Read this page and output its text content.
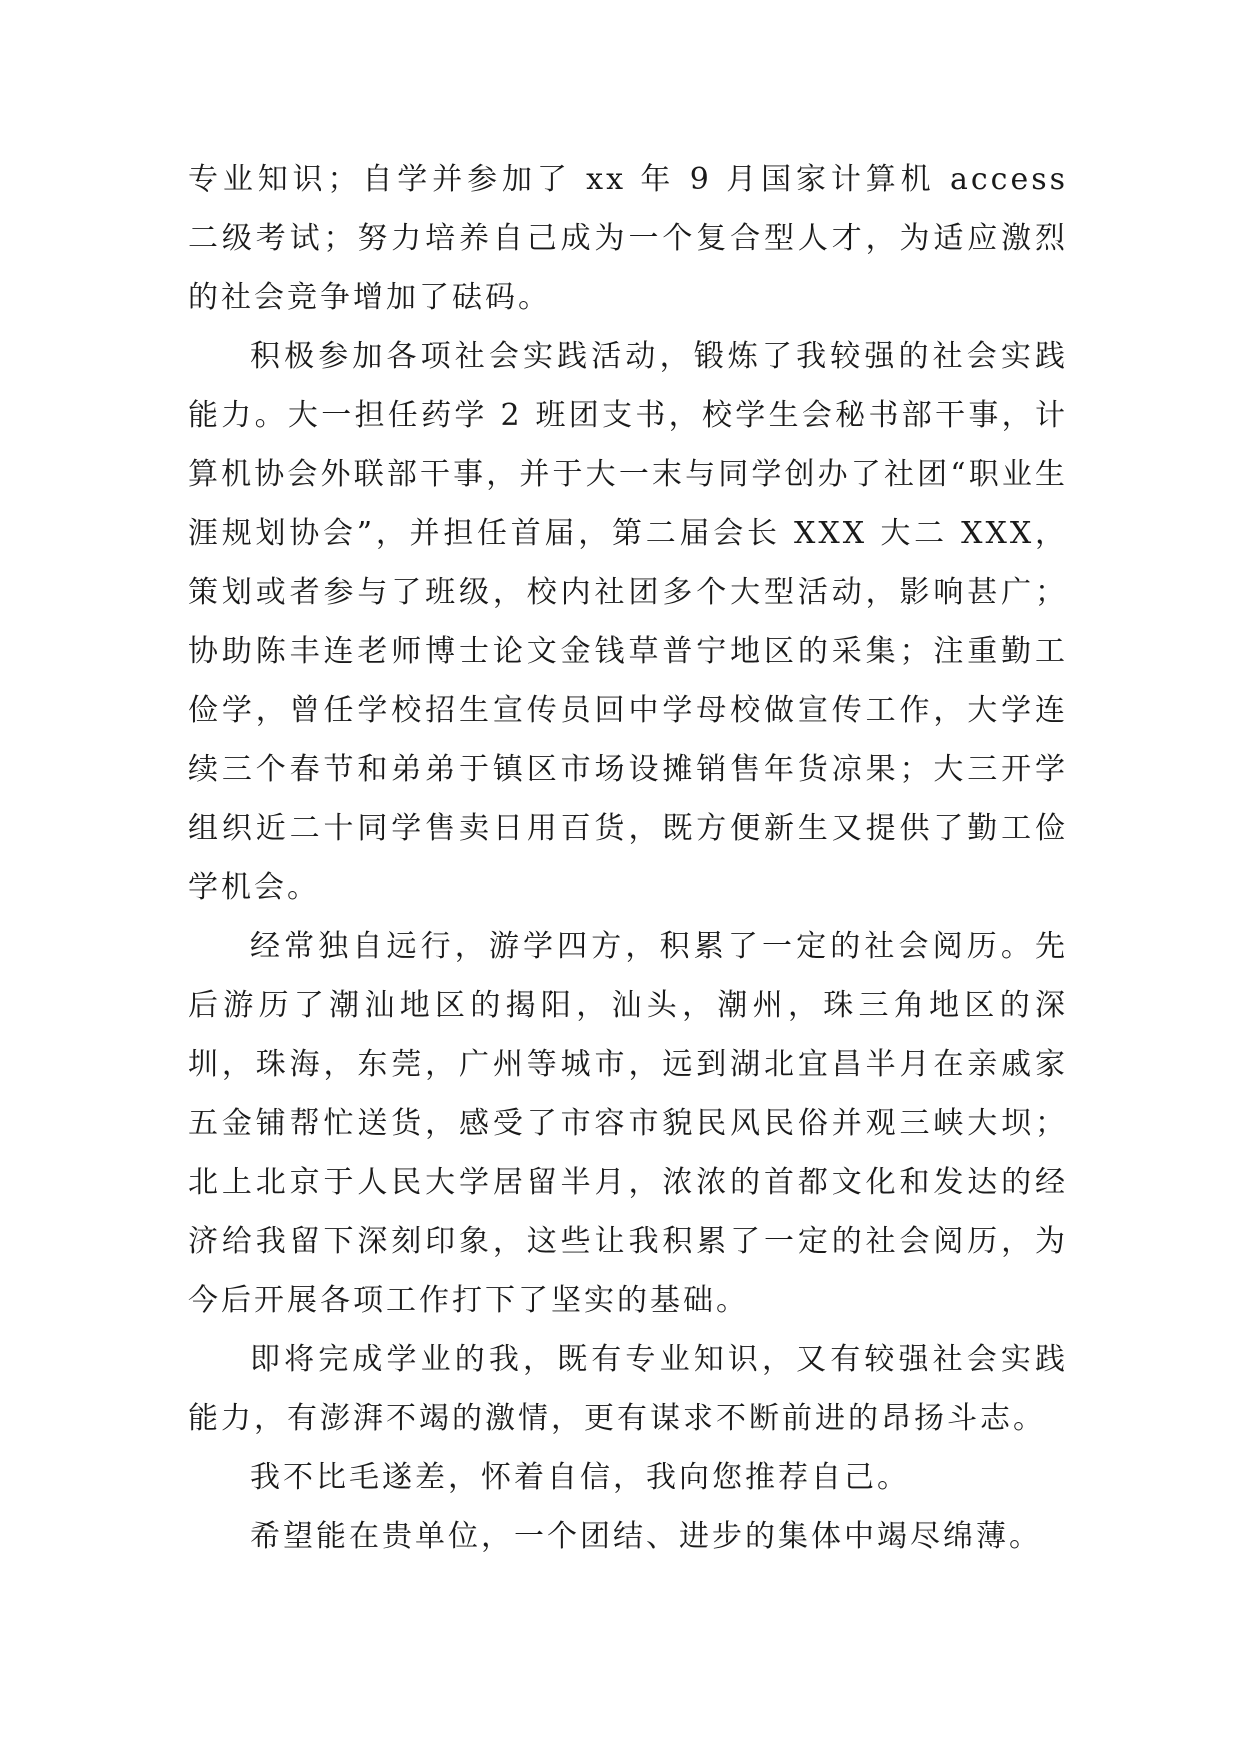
专业知识；自学并参加了 xx 年 9 月国家计算机 access 二级考试；努力培养自己成为一个复合型人才，为适应激烈的社会竞争增加了砝码。

积极参加各项社会实践活动，锻炼了我较强的社会实践能力。大一担任药学 2 班团支书，校学生会秘书部干事，计算机协会外联部干事，并于大一末与同学创办了社团“职业生涯规划协会”，并担任首届，第二届会长 XXX 大二 XXX，策划或者参与了班级，校内社团多个大型活动，影响甚广；协助陈丰连老师博士论文金钱草普宁地区的采集；注重勤工俭学，曾任学校招生宣传员回中学母校做宣传工作，大学连续三个春节和弟弟于镇区市场设摊销售年货凉果；大三开学组织近二十同学售卖日用百货，既方便新生又提供了勤工俭学机会。

经常独自远行，游学四方，积累了一定的社会阅历。先后游历了潮汕地区的揭阳，汕头，潮州，珠三角地区的深圳，珠海，东莞，广州等城市，远到湖北宜昌半月在亲戚家五金铺帮忙送货，感受了市容市貌民风民俗并观三峡大坝；北上北京于人民大学居留半月，浓浓的首都文化和发达的经济给我留下深刻印象，这些让我积累了一定的社会阅历，为今后开展各项工作打下了坚实的基础。

即将完成学业的我，既有专业知识，又有较强社会实践能力，有澎湃不竭的激情，更有谋求不断前进的昂扬斗志。

我不比毛遂差，怀着自信，我向您推荐自己。

希望能在贵单位，一个团结、进步的集体中竭尽绵薄。
